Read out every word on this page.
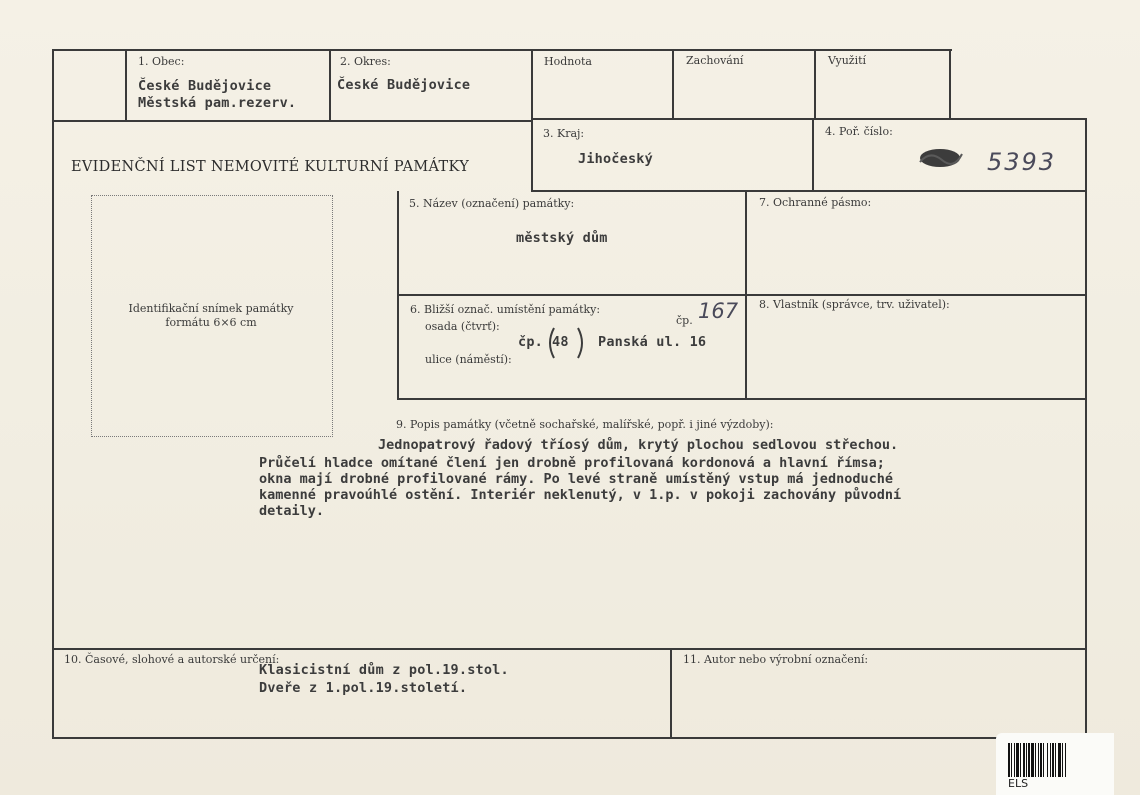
Identifikační snímek památky
formátu 6×6 cm
1. Obec:
České Budějovice
Městská pam.rezerv.
2. Okres:
České Budějovice
Hodnota	Zachování	Využití
EVIDENČNÍ LIST NEMOVITÉ KULTURNÍ PAMÁTKY
3. Kraj:
Jihočeský
4. Poř. číslo:
5393
5. Název (označení) památky:
městský dům
7. Ochranné pásmo:
6. Bližší označ. umístění památky:
osada (čtvrť):	čp. 167
čp. 48 Panská ul. 16
ulice (náměstí):
8. Vlastník (správce, trv. uživatel):
9. Popis památky (včetně sochařské, malířské, popř. i jiné výzdoby):
Jednopatrový řadový tříosý dům, krytý plochou sedlovou střechou.
Průčelí hladce omítané člení jen drobně profilovaná kordonová a hlavní římsa;
okna mají drobné profilované rámy. Po levé straně umístěný vstup má jednoduché
kamenné pravoúhlé ostění. Interiér neklenutý, v 1.p. v pokoji zachovány původní
detaily.
10. Časové, slohové a autorské určení:
Klasicistní dům z pol.19.stol.
Dveře z 1.pol.19.století.
11. Autor nebo výrobní označení:
ELS
